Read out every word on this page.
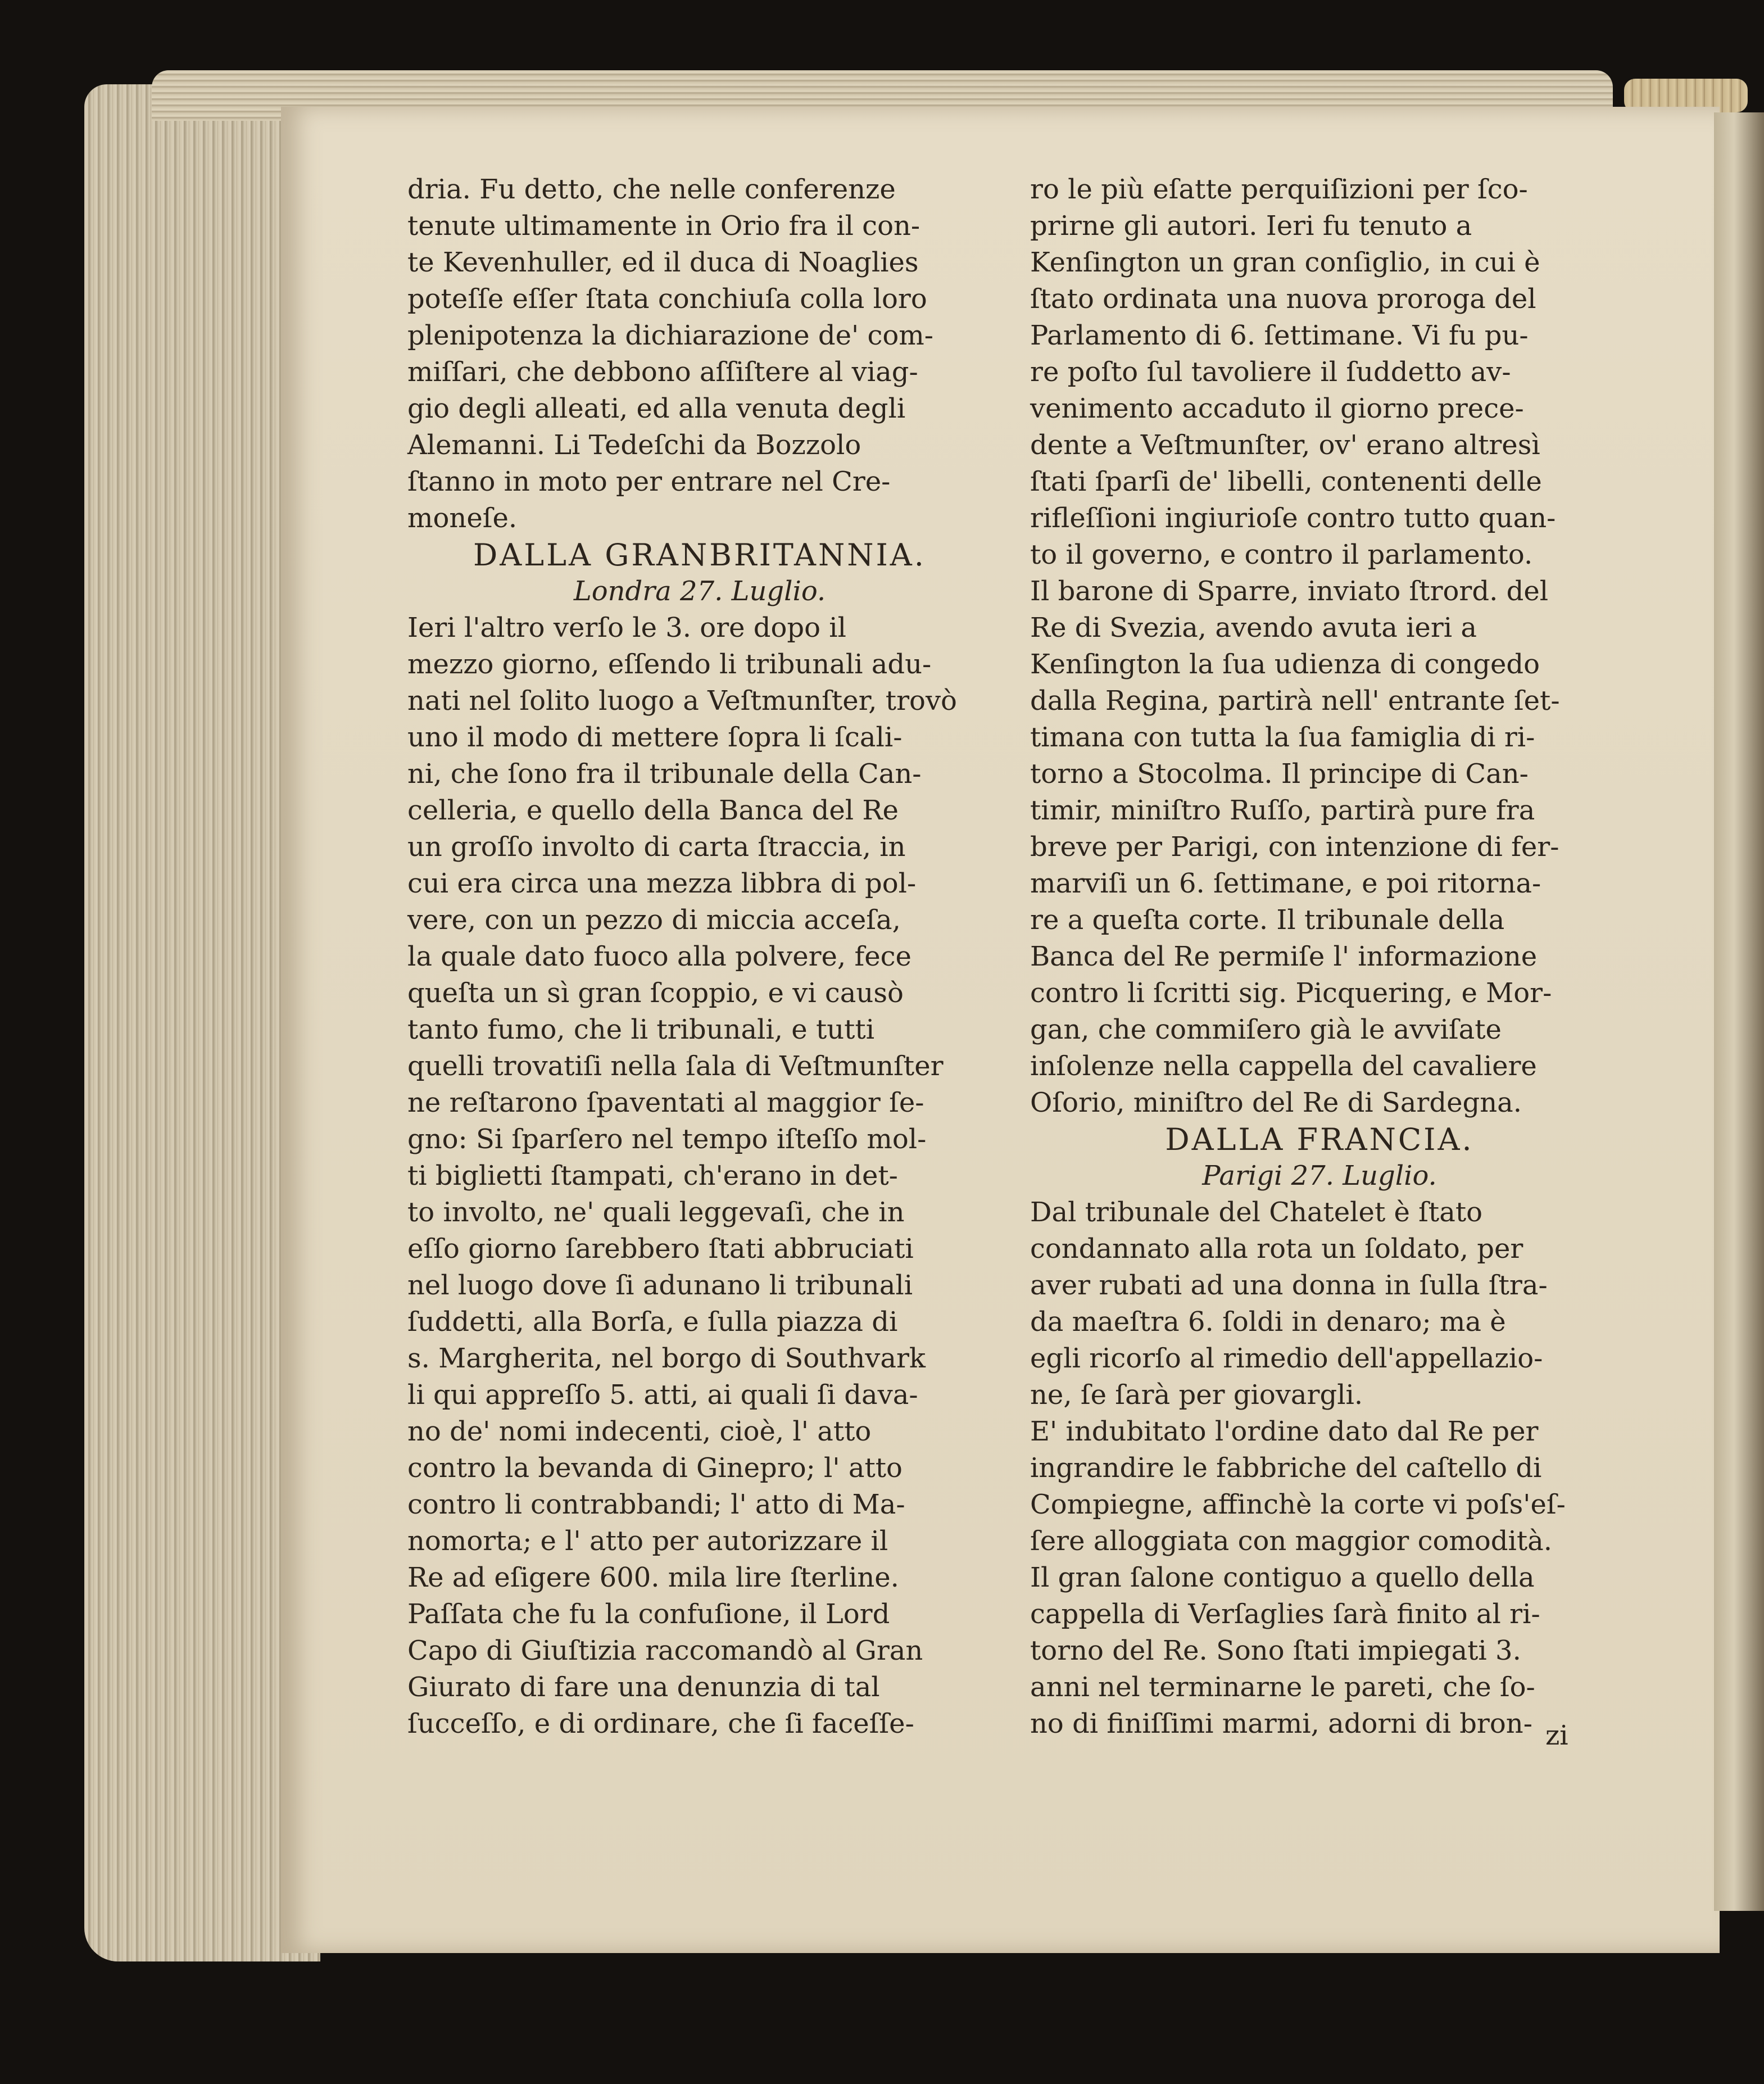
dria. Fu detto, che nelle conferenze
tenute ultimamente in Orio fra il con-
te Kevenhuller, ed il duca di Noaglies
poteſſe eſſer ſtata conchiuſa colla loro
plenipotenza la dichiarazione de' com-
miſſari, che debbono aſſiſtere al viag-
gio degli alleati, ed alla venuta degli
Alemanni. Li Tedeſchi da Bozzolo
ſtanno in moto per entrare nel Cre-
moneſe.
DALLA GRANBRITANNIA.
Londra 27. Luglio.
Ieri l'altro verſo le 3. ore dopo il
mezzo giorno, eſſendo li tribunali adu-
nati nel ſolito luogo a Veſtmunſter, trovò
uno il modo di mettere ſopra li ſcali-
ni, che ſono fra il tribunale della Can-
celleria, e quello della Banca del Re
un groſſo involto di carta ſtraccia, in
cui era circa una mezza libbra di pol-
vere, con un pezzo di miccia acceſa,
la quale dato fuoco alla polvere, fece
queſta un sì gran ſcoppio, e vi causò
tanto fumo, che li tribunali, e tutti
quelli trovatiſi nella ſala di Veſtmunſter
ne reſtarono ſpaventati al maggior ſe-
gno: Si ſparſero nel tempo iſteſſo mol-
ti biglietti ſtampati, ch'erano in det-
to involto, ne' quali leggevaſi, che in
eſſo giorno ſarebbero ſtati abbruciati
nel luogo dove ſi adunano li tribunali
ſuddetti, alla Borſa, e ſulla piazza di
s. Margherita, nel borgo di Southvark
li qui appreſſo 5. atti, ai quali ſi dava-
no de' nomi indecenti, cioè, l' atto
contro la bevanda di Ginepro; l' atto
contro li contrabbandi; l' atto di Ma-
nomorta; e l' atto per autorizzare il
Re ad eſigere 600. mila lire ſterline.
Paſſata che fu la confuſione, il Lord
Capo di Giuſtizia raccomandò al Gran
Giurato di fare una denunzia di tal
ſucceſſo, e di ordinare, che ſi faceſſe-
ro le più eſatte perquiſizioni per ſco-
prirne gli autori. Ieri fu tenuto a
Kenſington un gran conſiglio, in cui è
ſtato ordinata una nuova proroga del
Parlamento di 6. ſettimane. Vi fu pu-
re poſto ſul tavoliere il ſuddetto av-
venimento accaduto il giorno prece-
dente a Veſtmunſter, ov' erano altresì
ſtati ſparſi de' libelli, contenenti delle
rifleſſioni ingiurioſe contro tutto quan-
to il governo, e contro il parlamento.
Il barone di Sparre, inviato ſtrord. del
Re di Svezia, avendo avuta ieri a
Kenſington la ſua udienza di congedo
dalla Regina, partirà nell' entrante ſet-
timana con tutta la ſua famiglia di ri-
torno a Stocolma. Il principe di Can-
timir, miniſtro Ruſſo, partirà pure fra
breve per Parigi, con intenzione di fer-
marviſi un 6. ſettimane, e poi ritorna-
re a queſta corte. Il tribunale della
Banca del Re permiſe l' informazione
contro li ſcritti sig. Picquering, e Mor-
gan, che commiſero già le avviſate
inſolenze nella cappella del cavaliere
Oſorio, miniſtro del Re di Sardegna.
DALLA FRANCIA.
Parigi 27. Luglio.
Dal tribunale del Chatelet è ſtato
condannato alla rota un ſoldato, per
aver rubati ad una donna in ſulla ſtra-
da maeſtra 6. ſoldi in denaro; ma è
egli ricorſo al rimedio dell'appellazio-
ne, ſe ſarà per giovargli.
E' indubitato l'ordine dato dal Re per
ingrandire le fabbriche del caſtello di
Compiegne, affinchè la corte vi poſs'eſ-
ſere alloggiata con maggior comodità.
Il gran ſalone contiguo a quello della
cappella di Verſaglies ſarà finito al ri-
torno del Re. Sono ſtati impiegati 3.
anni nel terminarne le pareti, che ſo-
no di finiſſimi marmi, adorni di bron- zi
